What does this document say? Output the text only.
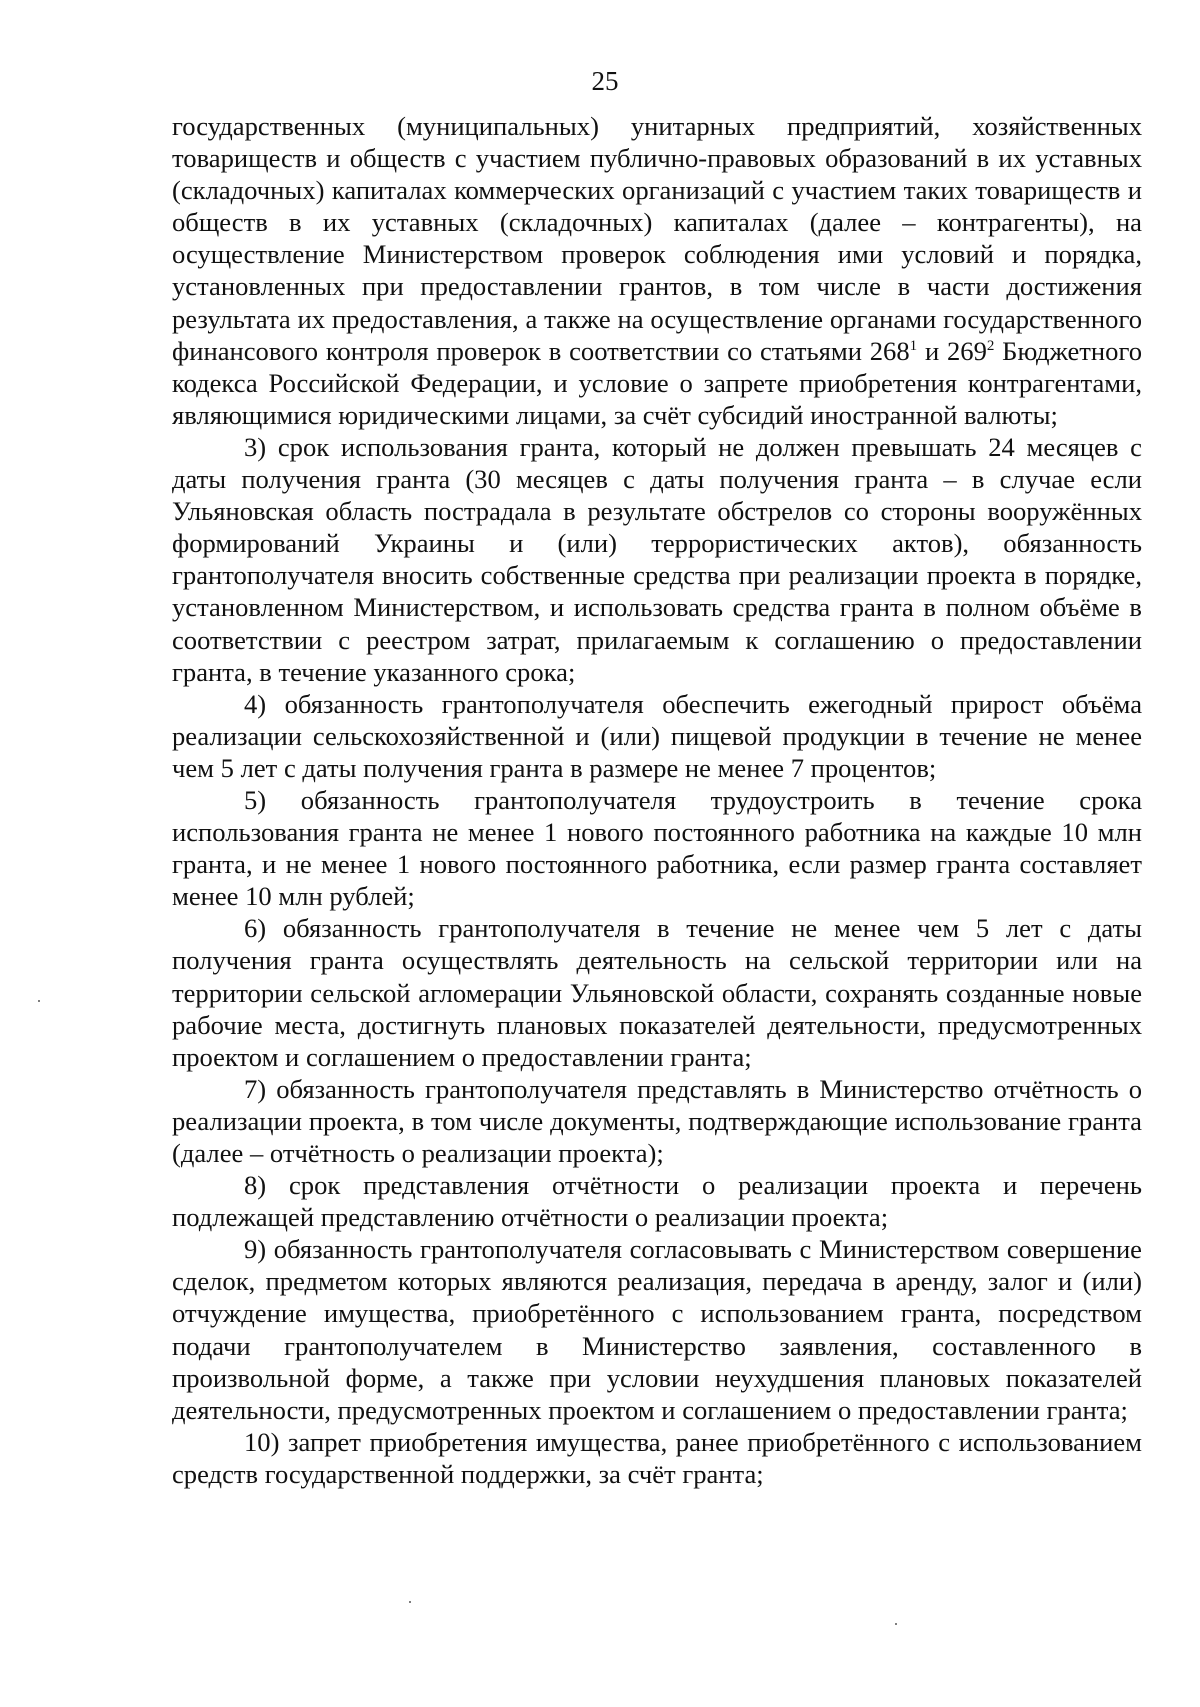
25

государственных (муниципальных) унитарных предприятий, хозяйственных товариществ и обществ с участием публично-правовых образований в их уставных (складочных) капиталах коммерческих организаций с участием таких товариществ и обществ в их уставных (складочных) капиталах (далее – контрагенты), на осуществление Министерством проверок соблюдения ими условий и порядка, установленных при предоставлении грантов, в том числе в части достижения результата их предоставления, а также на осуществление органами государственного финансового контроля проверок в соответствии со статьями $268^1$ и $269^2$ Бюджетного кодекса Российской Федерации, и условие о запрете приобретения контрагентами, являющимися юридическими лицами, за счёт субсидий иностранной валюты;

3) срок использования гранта, который не должен превышать 24 месяцев с даты получения гранта (30 месяцев с даты получения гранта – в случае если Ульяновская область пострадала в результате обстрелов со стороны вооружённых формирований Украины и (или) террористических актов), обязанность грантополучателя вносить собственные средства при реализации проекта в порядке, установленном Министерством, и использовать средства гранта в полном объёме в соответствии с реестром затрат, прилагаемым к соглашению о предоставлении гранта, в течение указанного срока;

4) обязанность грантополучателя обеспечить ежегодный прирост объёма реализации сельскохозяйственной и (или) пищевой продукции в течение не менее чем 5 лет с даты получения гранта в размере не менее 7 процентов;

5) обязанность грантополучателя трудоустроить в течение срока использования гранта не менее 1 нового постоянного работника на каждые 10 млн гранта, и не менее 1 нового постоянного работника, если размер гранта составляет менее 10 млн рублей;

6) обязанность грантополучателя в течение не менее чем 5 лет с даты получения гранта осуществлять деятельность на сельской территории или на территории сельской агломерации Ульяновской области, сохранять созданные новые рабочие места, достигнуть плановых показателей деятельности, предусмотренных проектом и соглашением о предоставлении гранта;

7) обязанность грантополучателя представлять в Министерство отчётность о реализации проекта, в том числе документы, подтверждающие использование гранта (далее – отчётность о реализации проекта);

8) срок представления отчётности о реализации проекта и перечень подлежащей представлению отчётности о реализации проекта;

9) обязанность грантополучателя согласовывать с Министерством совершение сделок, предметом которых являются реализация, передача в аренду, залог и (или) отчуждение имущества, приобретённого с использованием гранта, посредством подачи грантополучателем в Министерство заявления, составленного в произвольной форме, а также при условии неухудшения плановых показателей деятельности, предусмотренных проектом и соглашением о предоставлении гранта;

10) запрет приобретения имущества, ранее приобретённого с использованием средств государственной поддержки, за счёт гранта;
